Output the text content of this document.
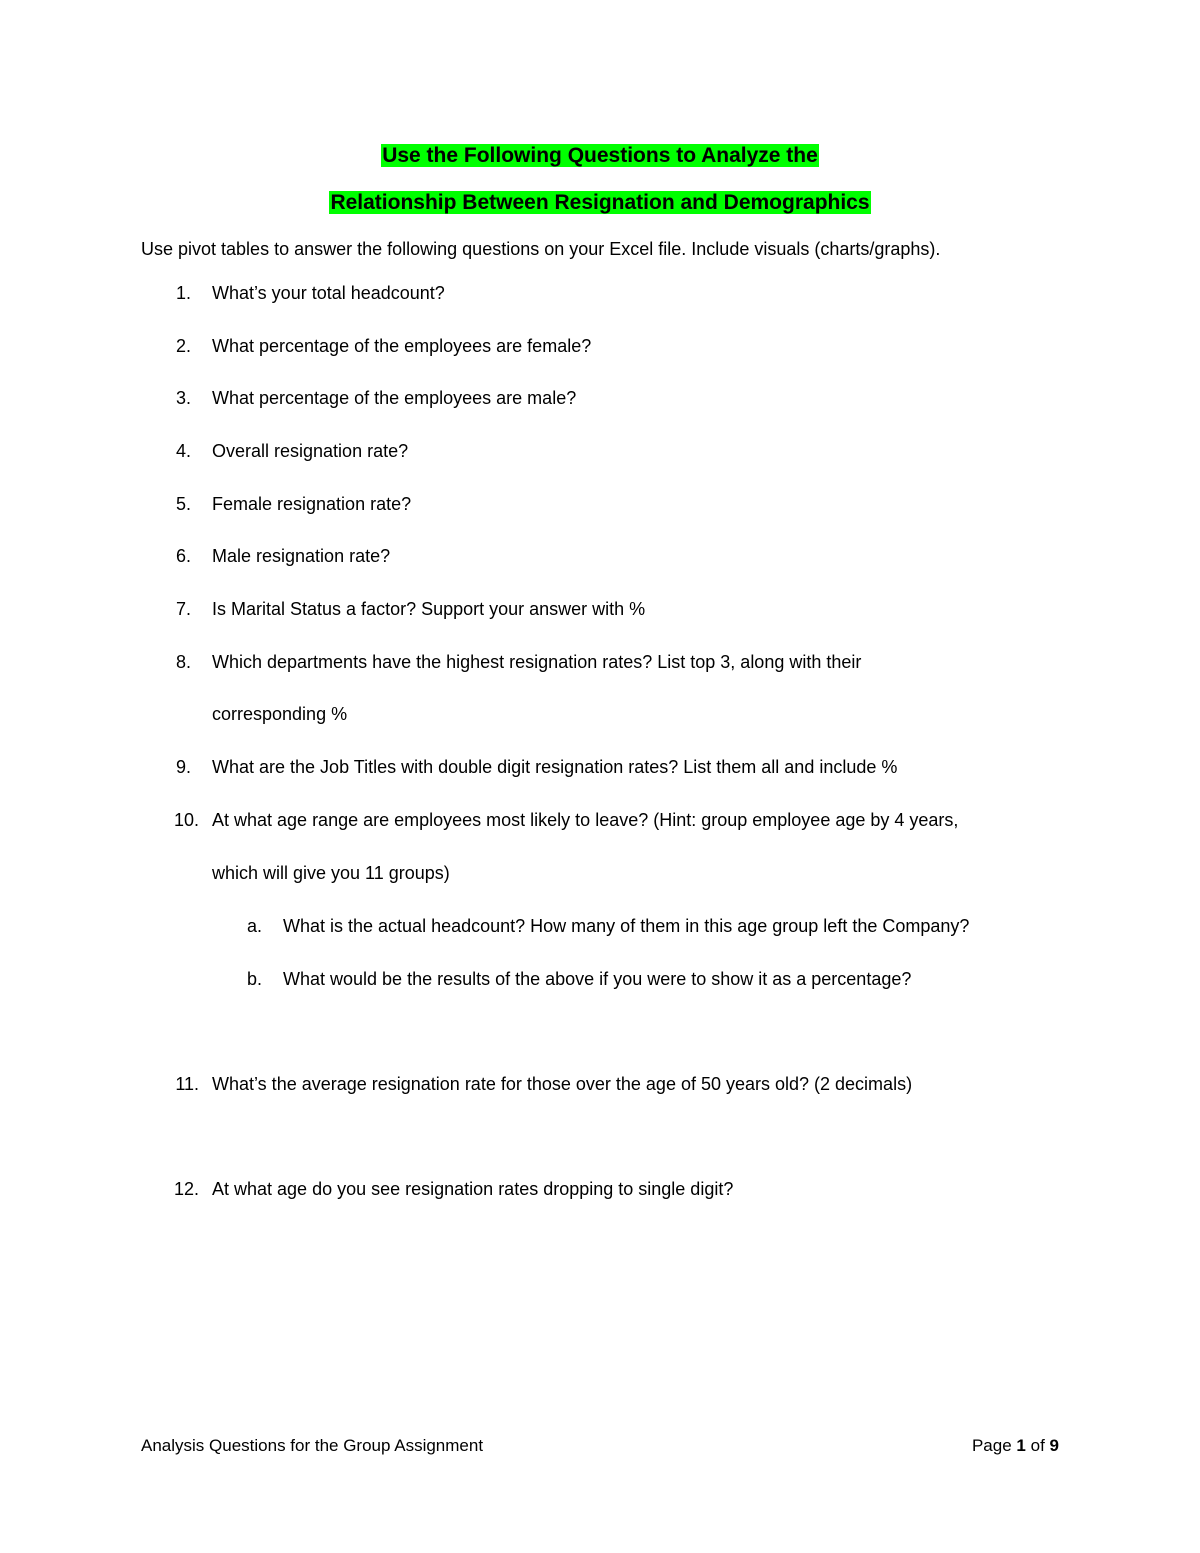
Use the Following Questions to Analyze the
Relationship Between Resignation and Demographics
Use pivot tables to answer the following questions on your Excel file. Include visuals (charts/graphs).
1. What’s your total headcount?
2. What percentage of the employees are female?
3. What percentage of the employees are male?
4. Overall resignation rate?
5. Female resignation rate?
6. Male resignation rate?
7. Is Marital Status a factor? Support your answer with %
8. Which departments have the highest resignation rates? List top 3, along with their
corresponding %
9. What are the Job Titles with double digit resignation rates? List them all and include %
10. At what age range are employees most likely to leave? (Hint: group employee age by 4 years,
which will give you 11 groups)
a. What is the actual headcount? How many of them in this age group left the Company?
b. What would be the results of the above if you were to show it as a percentage?
11. What’s the average resignation rate for those over the age of 50 years old? (2 decimals)
12. At what age do you see resignation rates dropping to single digit?
Analysis Questions for the Group Assignment	Page 1 of 9
